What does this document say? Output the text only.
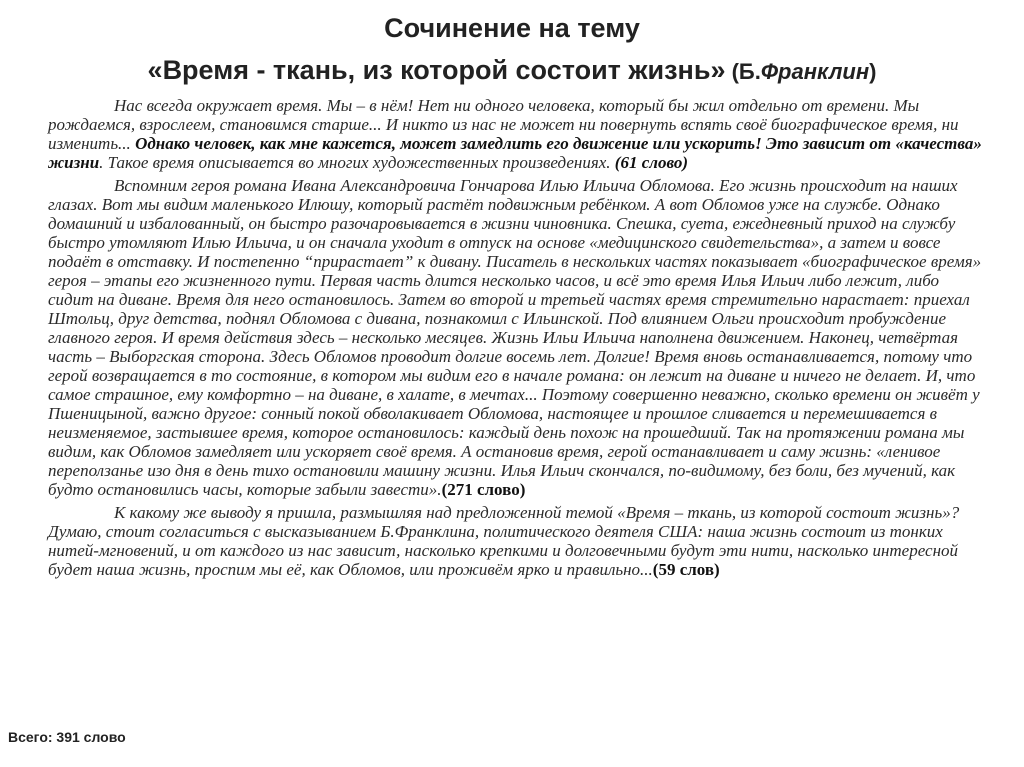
Сочинение на тему
«Время - ткань, из которой состоит жизнь» (Б.Франклин)

Нас всегда окружает время. Мы – в нём! Нет ни одного человека, который бы жил отдельно от времени. Мы рождаемся, взрослеем, становимся старше... И никто из нас не может ни повернуть вспять своё биографическое время, ни изменить... Однако человек, как мне кажется, может замедлить его движение или ускорить! Это зависит от «качества» жизни. Такое время описывается во многих художественных произведениях. (61 слово)

Вспомним героя романа Ивана Александровича Гончарова Илью Ильича Обломова. Его жизнь происходит на наших глазах. Вот мы видим маленького Илюшу, который растёт подвижным ребёнком. А вот Обломов уже на службе. Однако домашний и избалованный, он быстро разочаровывается в жизни чиновника. Спешка, суета, ежедневный приход на службу быстро утомляют Илью Ильича, и он сначала уходит в отпуск на основе «медицинского свидетельства», а затем и вовсе подаёт в отставку. И постепенно “прирастает” к дивану. Писатель в нескольких частях показывает «биографическое время» героя – этапы его жизненного пути. Первая часть длится несколько часов, и всё это время Илья Ильич либо лежит, либо сидит на диване. Время для него остановилось. Затем во второй и третьей частях время стремительно нарастает: приехал Штольц, друг детства, поднял Обломова с дивана, познакомил с Ильинской. Под влиянием Ольги происходит пробуждение главного героя. И время действия здесь – несколько месяцев. Жизнь Ильи Ильича наполнена движением. Наконец, четвёртая часть – Выборгская сторона. Здесь Обломов проводит долгие восемь лет. Долгие! Время вновь останавливается, потому что герой возвращается в то состояние, в котором мы видим его в начале романа: он лежит на диване и ничего не делает. И, что самое страшное, ему комфортно – на диване, в халате, в мечтах... Поэтому совершенно неважно, сколько времени он живёт у Пшеницыной, важно другое: сонный покой обволакивает Обломова, настоящее и прошлое сливается и перемешивается в неизменяемое, застывшее время, которое остановилось: каждый день похож на прошедший. Так на протяжении романа мы видим, как Обломов замедляет или ускоряет своё время. А остановив время, герой останавливает и саму жизнь: «ленивое переползанье изо дня в день тихо остановили машину жизни. Илья Ильич скончался, по-видимому, без боли, без мучений, как будто остановились часы, которые забыли завести».(271 слово)

К какому же выводу я пришла, размышляя над предложенной темой «Время – ткань, из которой состоит жизнь»? Думаю, стоит согласиться с высказыванием Б.Франклина, политического деятеля США: наша жизнь состоит из тонких нитей-мгновений, и от каждого из нас зависит, насколько крепкими и долговечными будут эти нити, насколько интересной будет наша жизнь, проспим мы её, как Обломов, или проживём ярко и правильно...(59 слов)

Всего: 391 слово
